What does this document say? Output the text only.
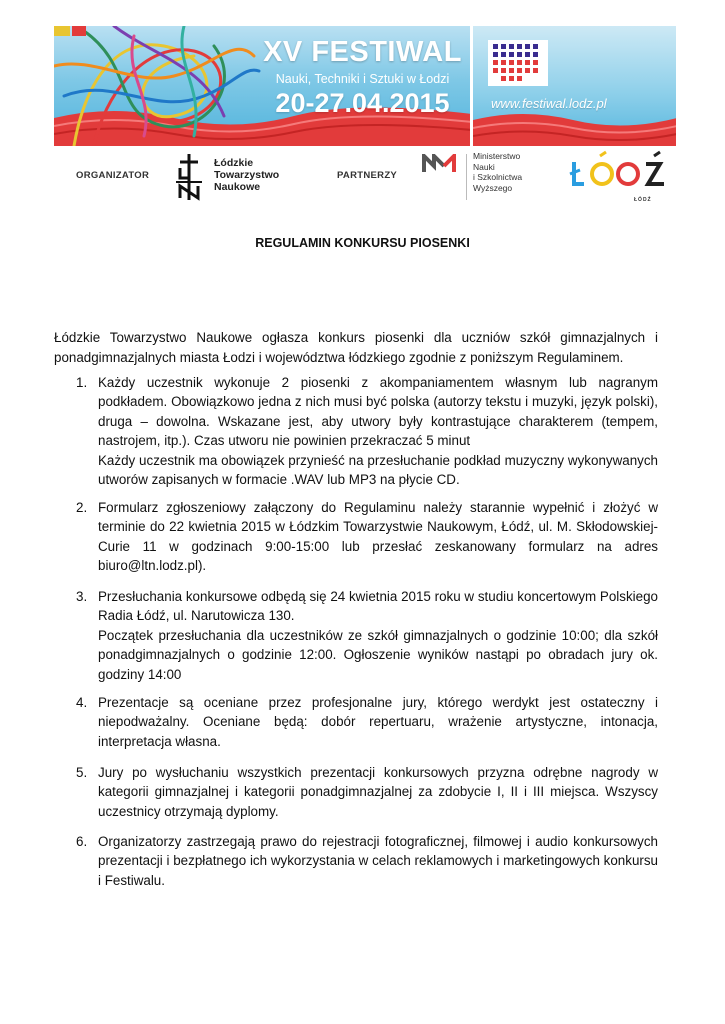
XV FESTIWAL
Nauki, Techniki i Sztuki w Łodzi
20-27.04.2015	www.festiwal.lodz.pl
ORGANIZATOR
Łódzkie
Towarzystwo
Naukowe
PARTNERZY
Ministerstwo
Nauki
i Szkolnictwa
Wyższego
ŁÓDŹ
REGULAMIN KONKURSU PIOSENKI
Łódzkie Towarzystwo Naukowe ogłasza konkurs piosenki dla uczniów szkół gimnazjalnych i ponadgimnazjalnych miasta Łodzi i województwa łódzkiego zgodnie z poniższym Regulaminem.
1. Każdy uczestnik wykonuje 2 piosenki z akompaniamentem własnym lub nagranym podkładem. Obowiązkowo jedna z nich musi być polska (autorzy tekstu i muzyki, język polski), druga – dowolna. Wskazane jest, aby utwory były kontrastujące charakterem (tempem, nastrojem, itp.). Czas utworu nie powinien przekraczać 5 minut

Każdy uczestnik ma obowiązek przynieść na przesłuchanie podkład muzyczny wykonywanych utworów zapisanych w formacie .WAV lub MP3 na płycie CD.

2. Formularz zgłoszeniowy załączony do Regulaminu należy starannie wypełnić i złożyć w terminie do 22 kwietnia 2015 w Łódzkim Towarzystwie Naukowym, Łódź, ul. M. Skłodowskiej-Curie 11 w godzinach 9:00-15:00 lub przesłać zeskanowany formularz na adres biuro@ltn.lodz.pl).

3. Przesłuchania konkursowe odbędą się 24 kwietnia 2015 roku w studiu koncertowym Polskiego Radia Łódź, ul. Narutowicza 130.

Początek przesłuchania dla uczestników ze szkół gimnazjalnych o godzinie 10:00; dla szkół ponadgimnazjalnych o godzinie 12:00. Ogłoszenie wyników nastąpi po obradach jury ok. godziny 14:00

4. Prezentacje są oceniane przez profesjonalne jury, którego werdykt jest ostateczny i niepodważalny. Oceniane będą: dobór repertuaru, wrażenie artystyczne, intonacja, interpretacja własna.

5. Jury po wysłuchaniu wszystkich prezentacji konkursowych przyzna odrębne nagrody w kategorii gimnazjalnej i kategorii ponadgimnazjalnej za zdobycie I, II i III miejsca. Wszyscy uczestnicy otrzymają dyplomy.

6. Organizatorzy zastrzegają prawo do rejestracji fotograficznej, filmowej i audio konkursowych prezentacji i bezpłatnego ich wykorzystania w celach reklamowych i marketingowych konkursu i Festiwalu.
